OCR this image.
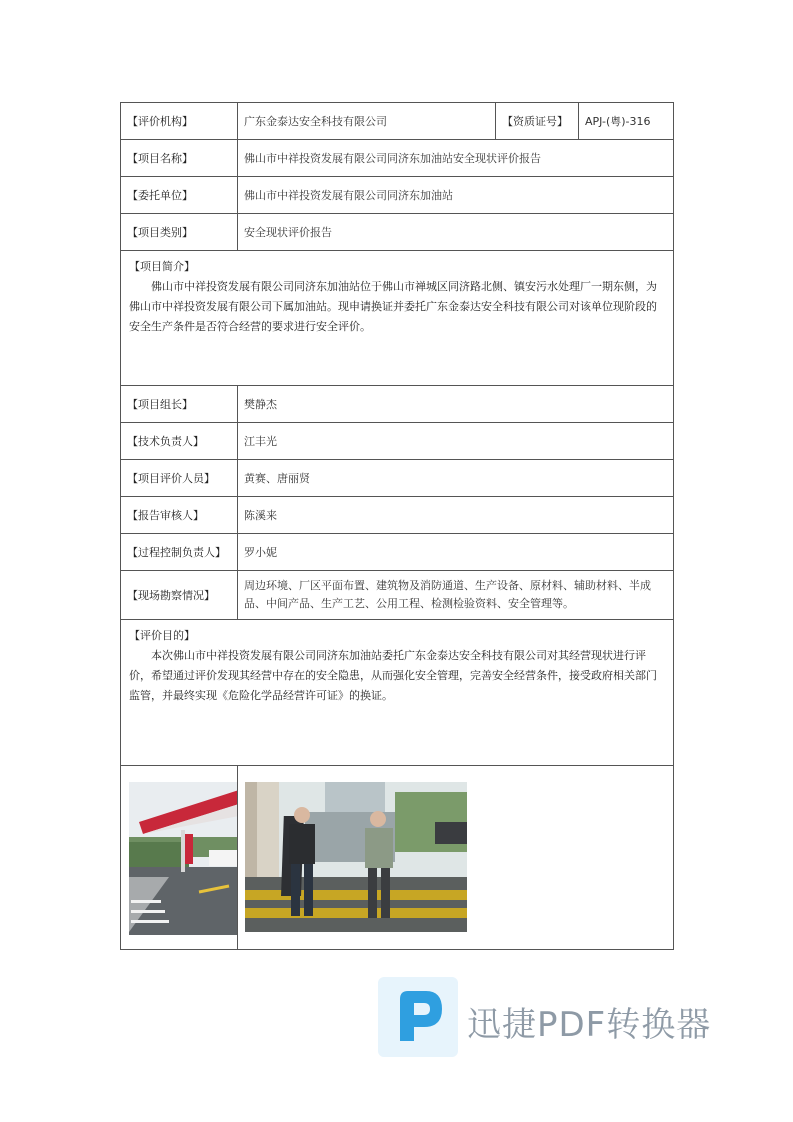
【评价机构】	广东金泰达安全科技有限公司	【资质证号】	APJ-(粤)-316
【项目名称】	佛山市中祥投资发展有限公司同济东加油站安全现状评价报告		
【委托单位】	佛山市中祥投资发展有限公司同济东加油站		
【项目类别】	安全现状评价报告		

【项目简介】
佛山市中祥投资发展有限公司同济东加油站位于佛山市禅城区同济路北侧、镇安污水处理厂一期东侧，为佛山市中祥投资发展有限公司下属加油站。现申请换证并委托广东金泰达安全科技有限公司对该单位现阶段的安全生产条件是否符合经营的要求进行安全评价。			

【项目组长】	樊静杰		
【技术负责人】	江丰光		
【项目评价人员】	黄赛、唐丽贤		
【报告审核人】	陈溪来		
【过程控制负责人】	罗小妮		
【现场勘察情况】	周边环境、厂区平面布置、建筑物及消防通道、生产设备、原材料、辅助材料、半成品、中间产品、生产工艺、公用工程、检测检验资料、安全管理等。		

【评价目的】
本次佛山市中祥投资发展有限公司同济东加油站委托广东金泰达安全科技有限公司对其经营现状进行评价，希望通过评价发现其经营中存在的安全隐患，从而强化安全管理，完善安全经营条件，接受政府相关部门监管，并最终实现《危险化学品经营许可证》的换证。			

迅捷PDF转换器
